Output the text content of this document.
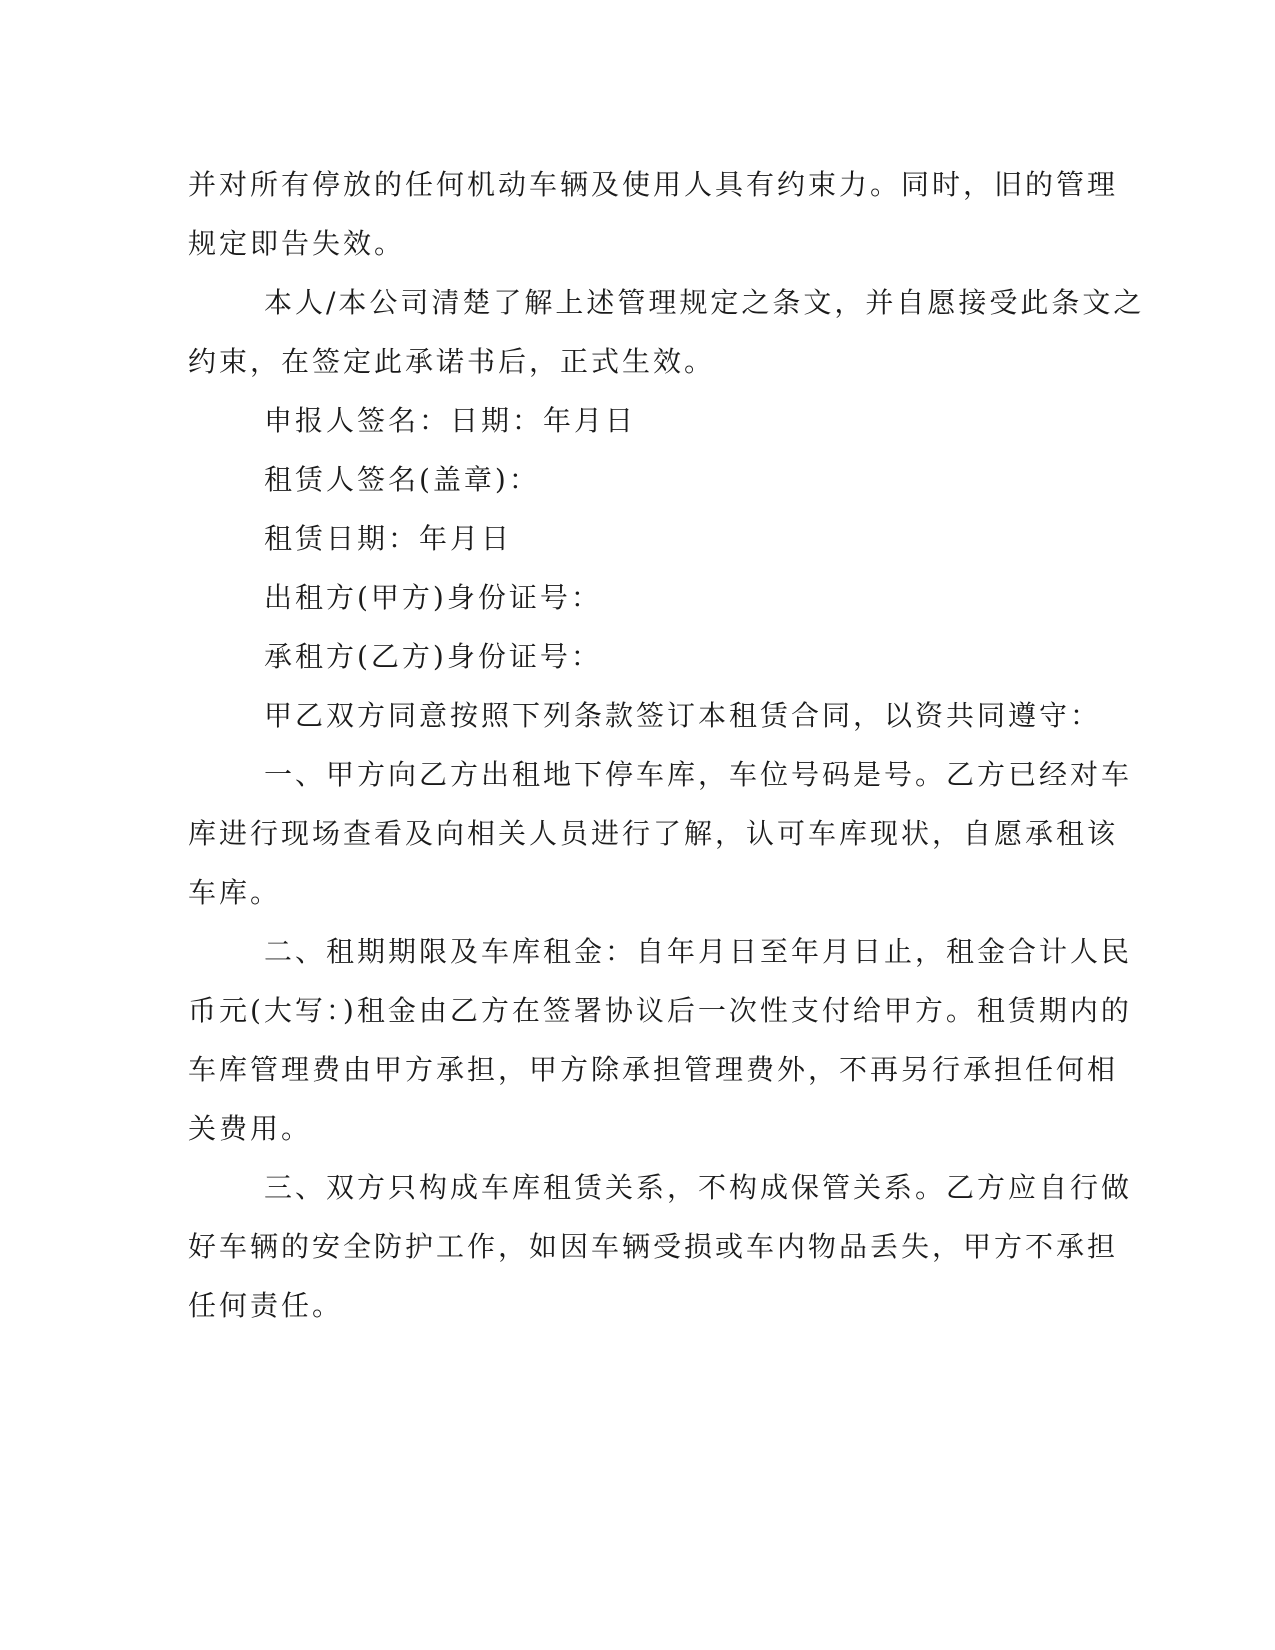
并对所有停放的任何机动车辆及使用人具有约束力。同时，旧的管理
规定即告失效。

本人/本公司清楚了解上述管理规定之条文，并自愿接受此条文之
约束，在签定此承诺书后，正式生效。

申报人签名：日期：年月日

租赁人签名(盖章)：

租赁日期：年月日

出租方(甲方)身份证号：

承租方(乙方)身份证号：

甲乙双方同意按照下列条款签订本租赁合同，以资共同遵守：

一、甲方向乙方出租地下停车库，车位号码是号。乙方已经对车
库进行现场查看及向相关人员进行了解，认可车库现状，自愿承租该
车库。

二、租期期限及车库租金：自年月日至年月日止，租金合计人民
币元(大写：)租金由乙方在签署协议后一次性支付给甲方。租赁期内的
车库管理费由甲方承担，甲方除承担管理费外，不再另行承担任何相
关费用。

三、双方只构成车库租赁关系，不构成保管关系。乙方应自行做
好车辆的安全防护工作，如因车辆受损或车内物品丢失，甲方不承担
任何责任。
